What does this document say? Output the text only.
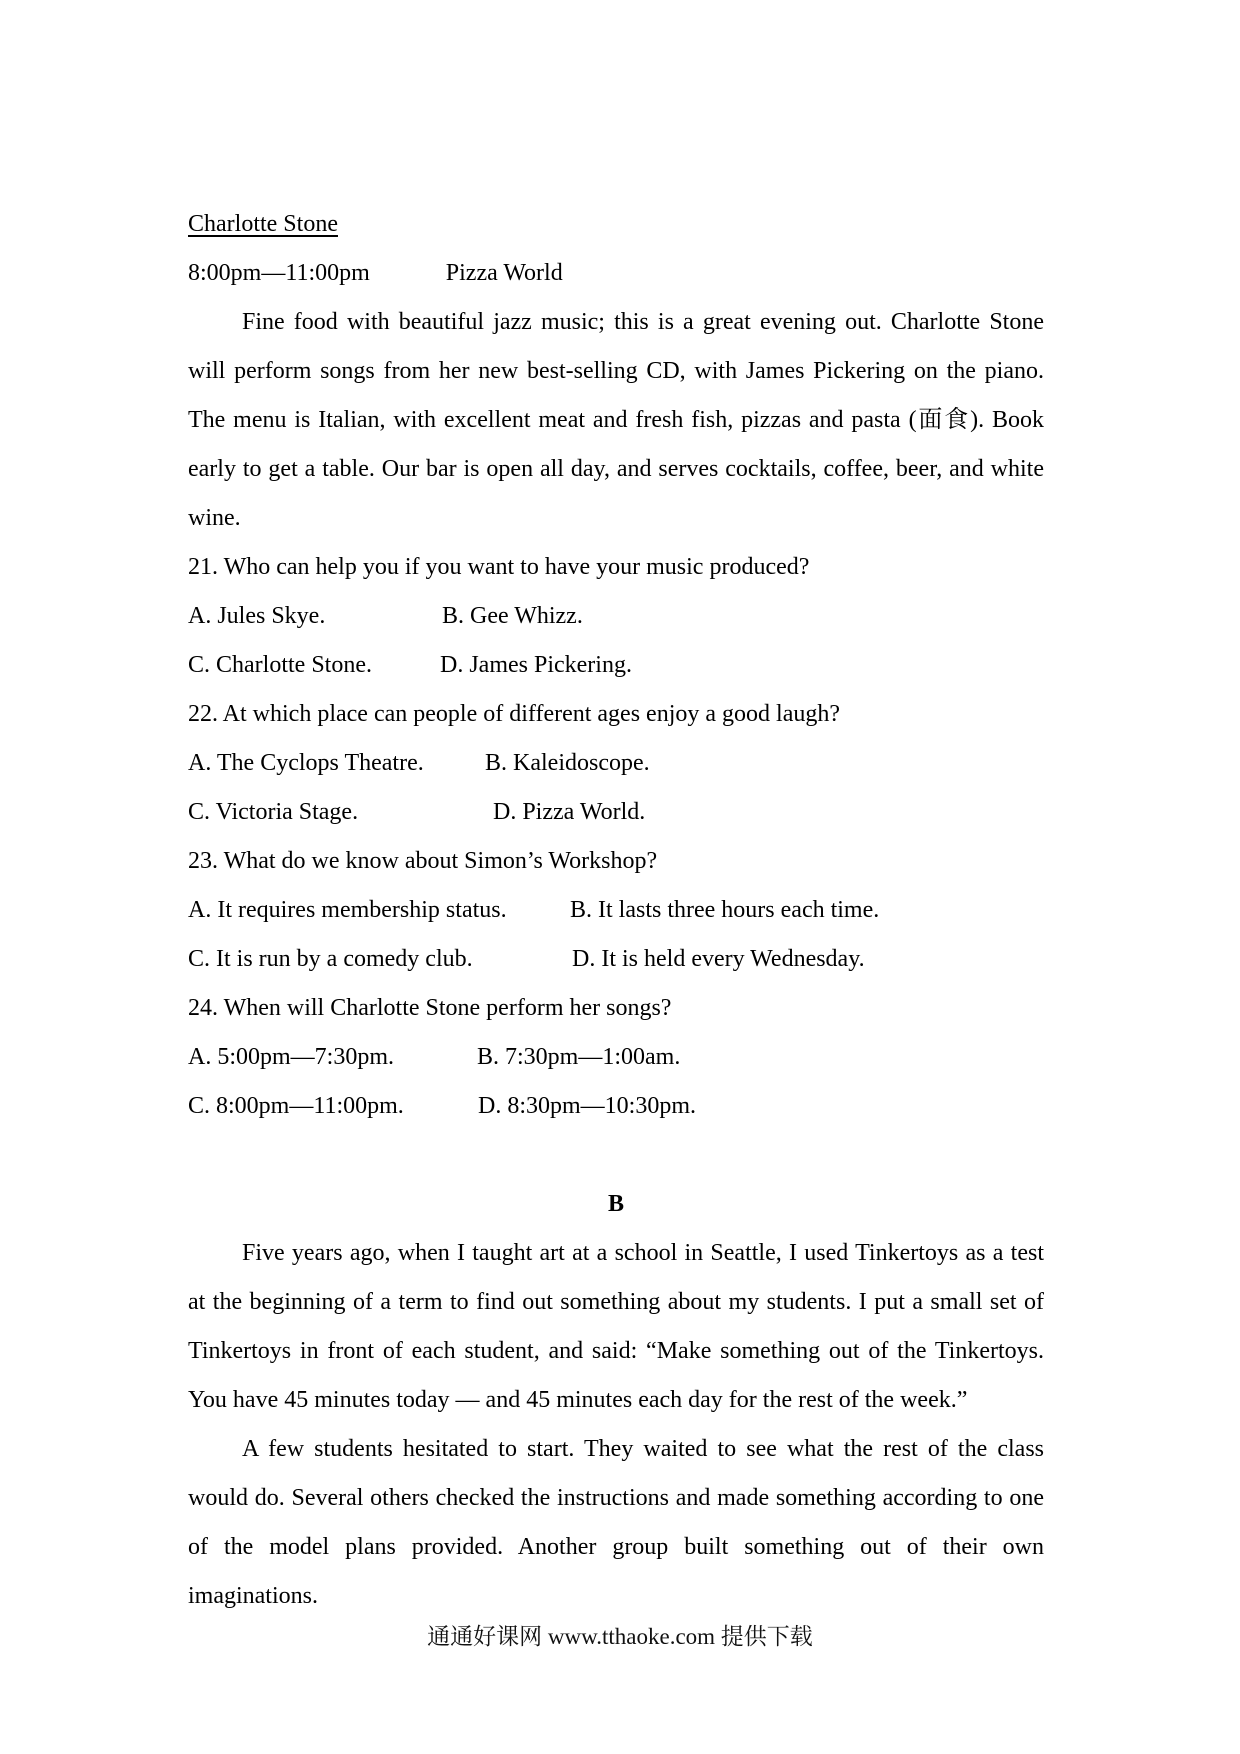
Charlotte Stone
8:00pm—11:00pm	Pizza World

Fine food with beautiful jazz music; this is a great evening out. Charlotte Stone will perform songs from her new best-selling CD, with James Pickering on the piano. The menu is Italian, with excellent meat and fresh fish, pizzas and pasta (面食). Book early to get a table. Our bar is open all day, and serves cocktails, coffee, beer, and white wine.

21. Who can help you if you want to have your music produced?
A. Jules Skye.	B. Gee Whizz.
C. Charlotte Stone.	D. James Pickering.
22. At which place can people of different ages enjoy a good laugh?
A. The Cyclops Theatre.	B. Kaleidoscope.
C. Victoria Stage.	D. Pizza World.
23. What do we know about Simon’s Workshop?
A. It requires membership status.	B. It lasts three hours each time.
C. It is run by a comedy club.	D. It is held every Wednesday.
24. When will Charlotte Stone perform her songs?
A. 5:00pm—7:30pm.	B. 7:30pm—1:00am.
C. 8:00pm—11:00pm.	D. 8:30pm—10:30pm.
B

Five years ago, when I taught art at a school in Seattle, I used Tinkertoys as a test at the beginning of a term to find out something about my students. I put a small set of Tinkertoys in front of each student, and said: “Make something out of the Tinkertoys. You have 45 minutes today — and 45 minutes each day for the rest of the week.”

A few students hesitated to start. They waited to see what the rest of the class would do. Several others checked the instructions and made something according to one of the model plans provided. Another group built something out of their own imaginations.

通通好课网 www.tthaoke.com 提供下载
